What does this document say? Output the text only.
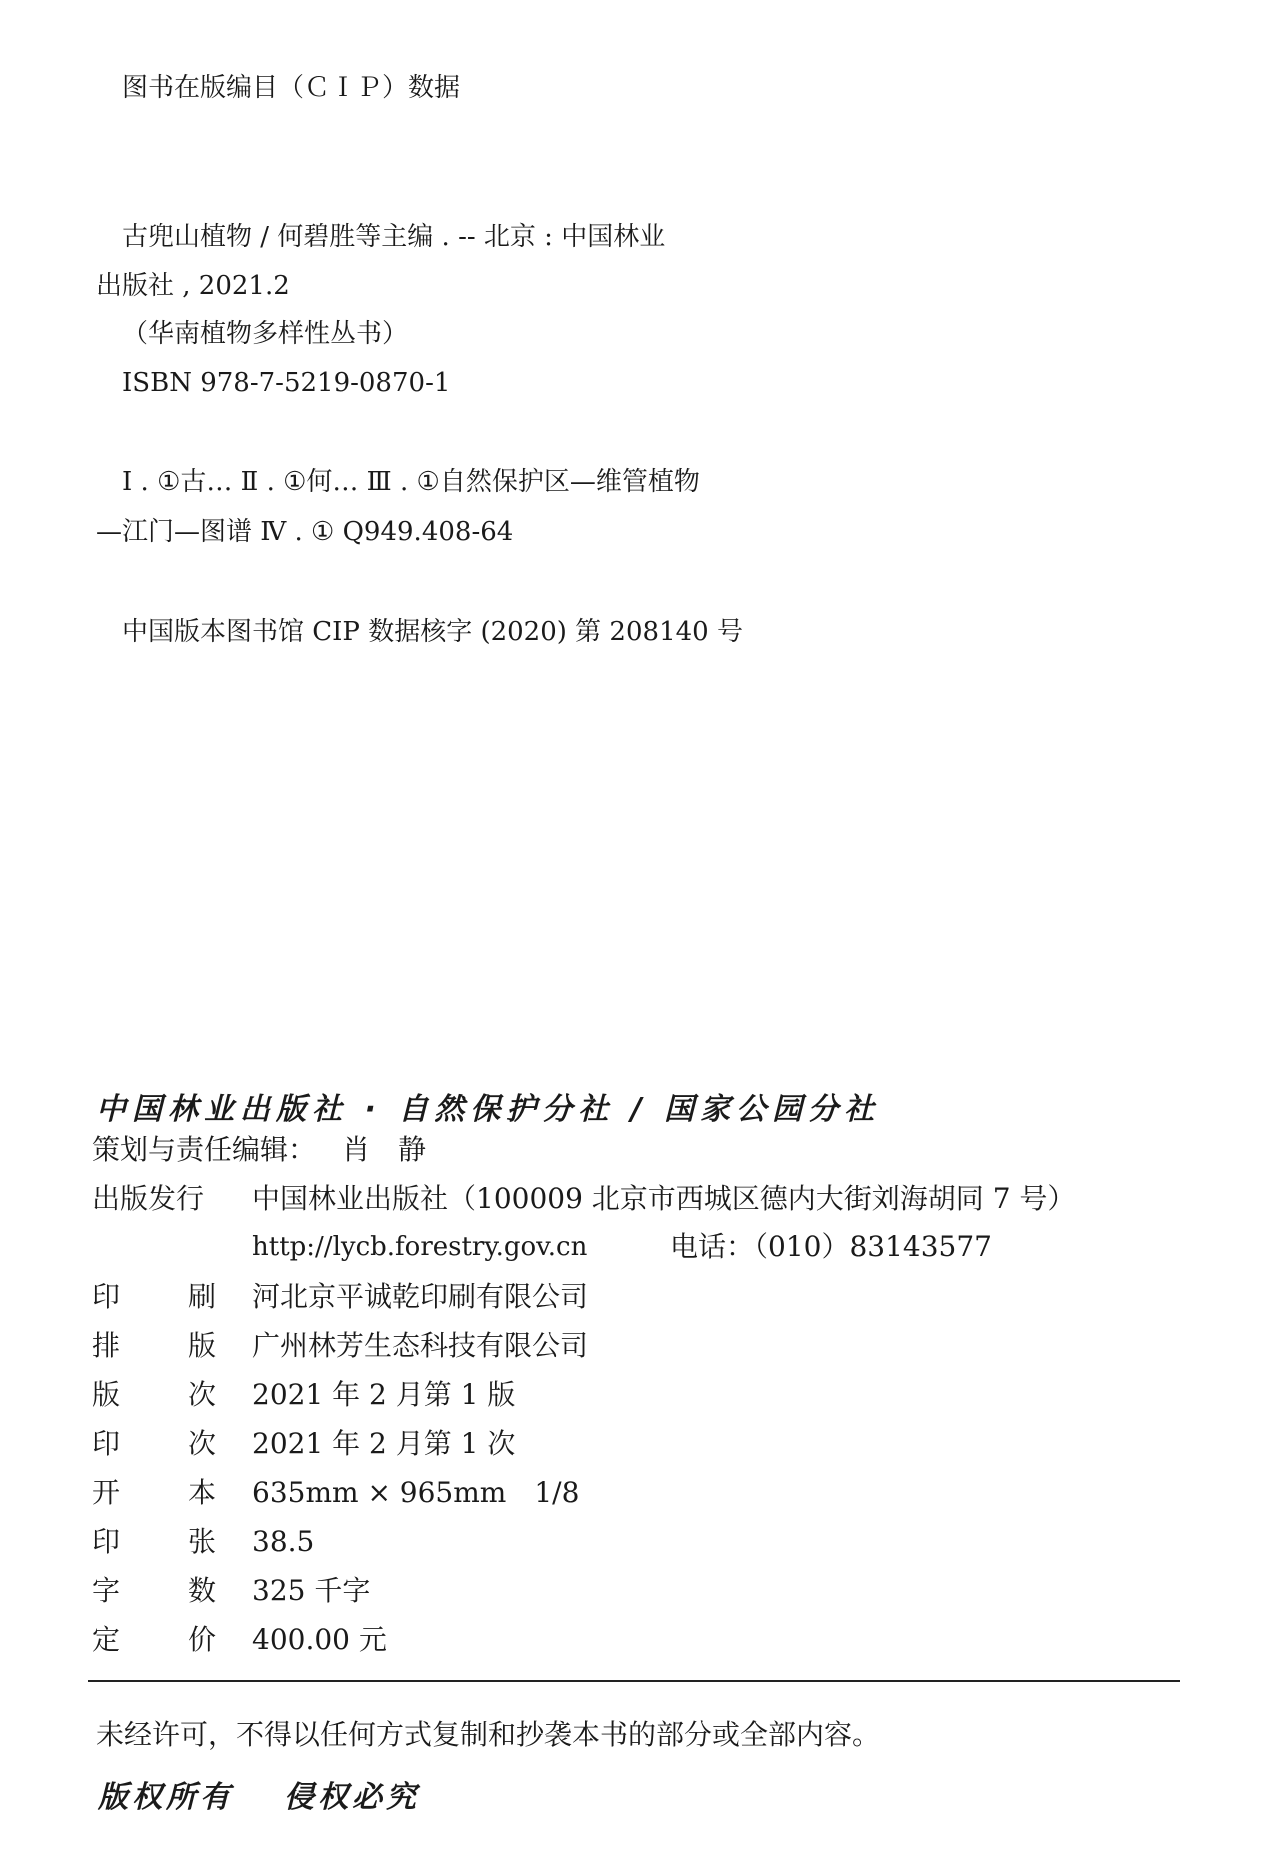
图书在版编目（ＣＩＰ）数据
古兜山植物 / 何碧胜等主编 . -- 北京 : 中国林业
出版社 , 2021.2
（华南植物多样性丛书）
ISBN 978-7-5219-0870-1
Ⅰ . ①古… Ⅱ . ①何… Ⅲ . ①自然保护区—维管植物
—江门—图谱 Ⅳ . ① Q949.408-64
中国版本图书馆 CIP 数据核字 (2020) 第 208140 号
中国林业出版社 · 自然保护分社 / 国家公园分社
策划与责任编辑： 肖　静
出版发行 中国林业出版社（100009 北京市西城区德内大街刘海胡同 7 号）
http://lycb.forestry.gov.cn	电话：（010）83143577
印 刷 河北京平诚乾印刷有限公司
排 版 广州林芳生态科技有限公司
版 次 2021 年 2 月第 1 版
印 次 2021 年 2 月第 1 次
开 本 635mm × 965mm　1/8
印 张 38.5
字 数 325 千字
定 价 400.00 元
未经许可，不得以任何方式复制和抄袭本书的部分或全部内容。
版权所有 侵权必究
